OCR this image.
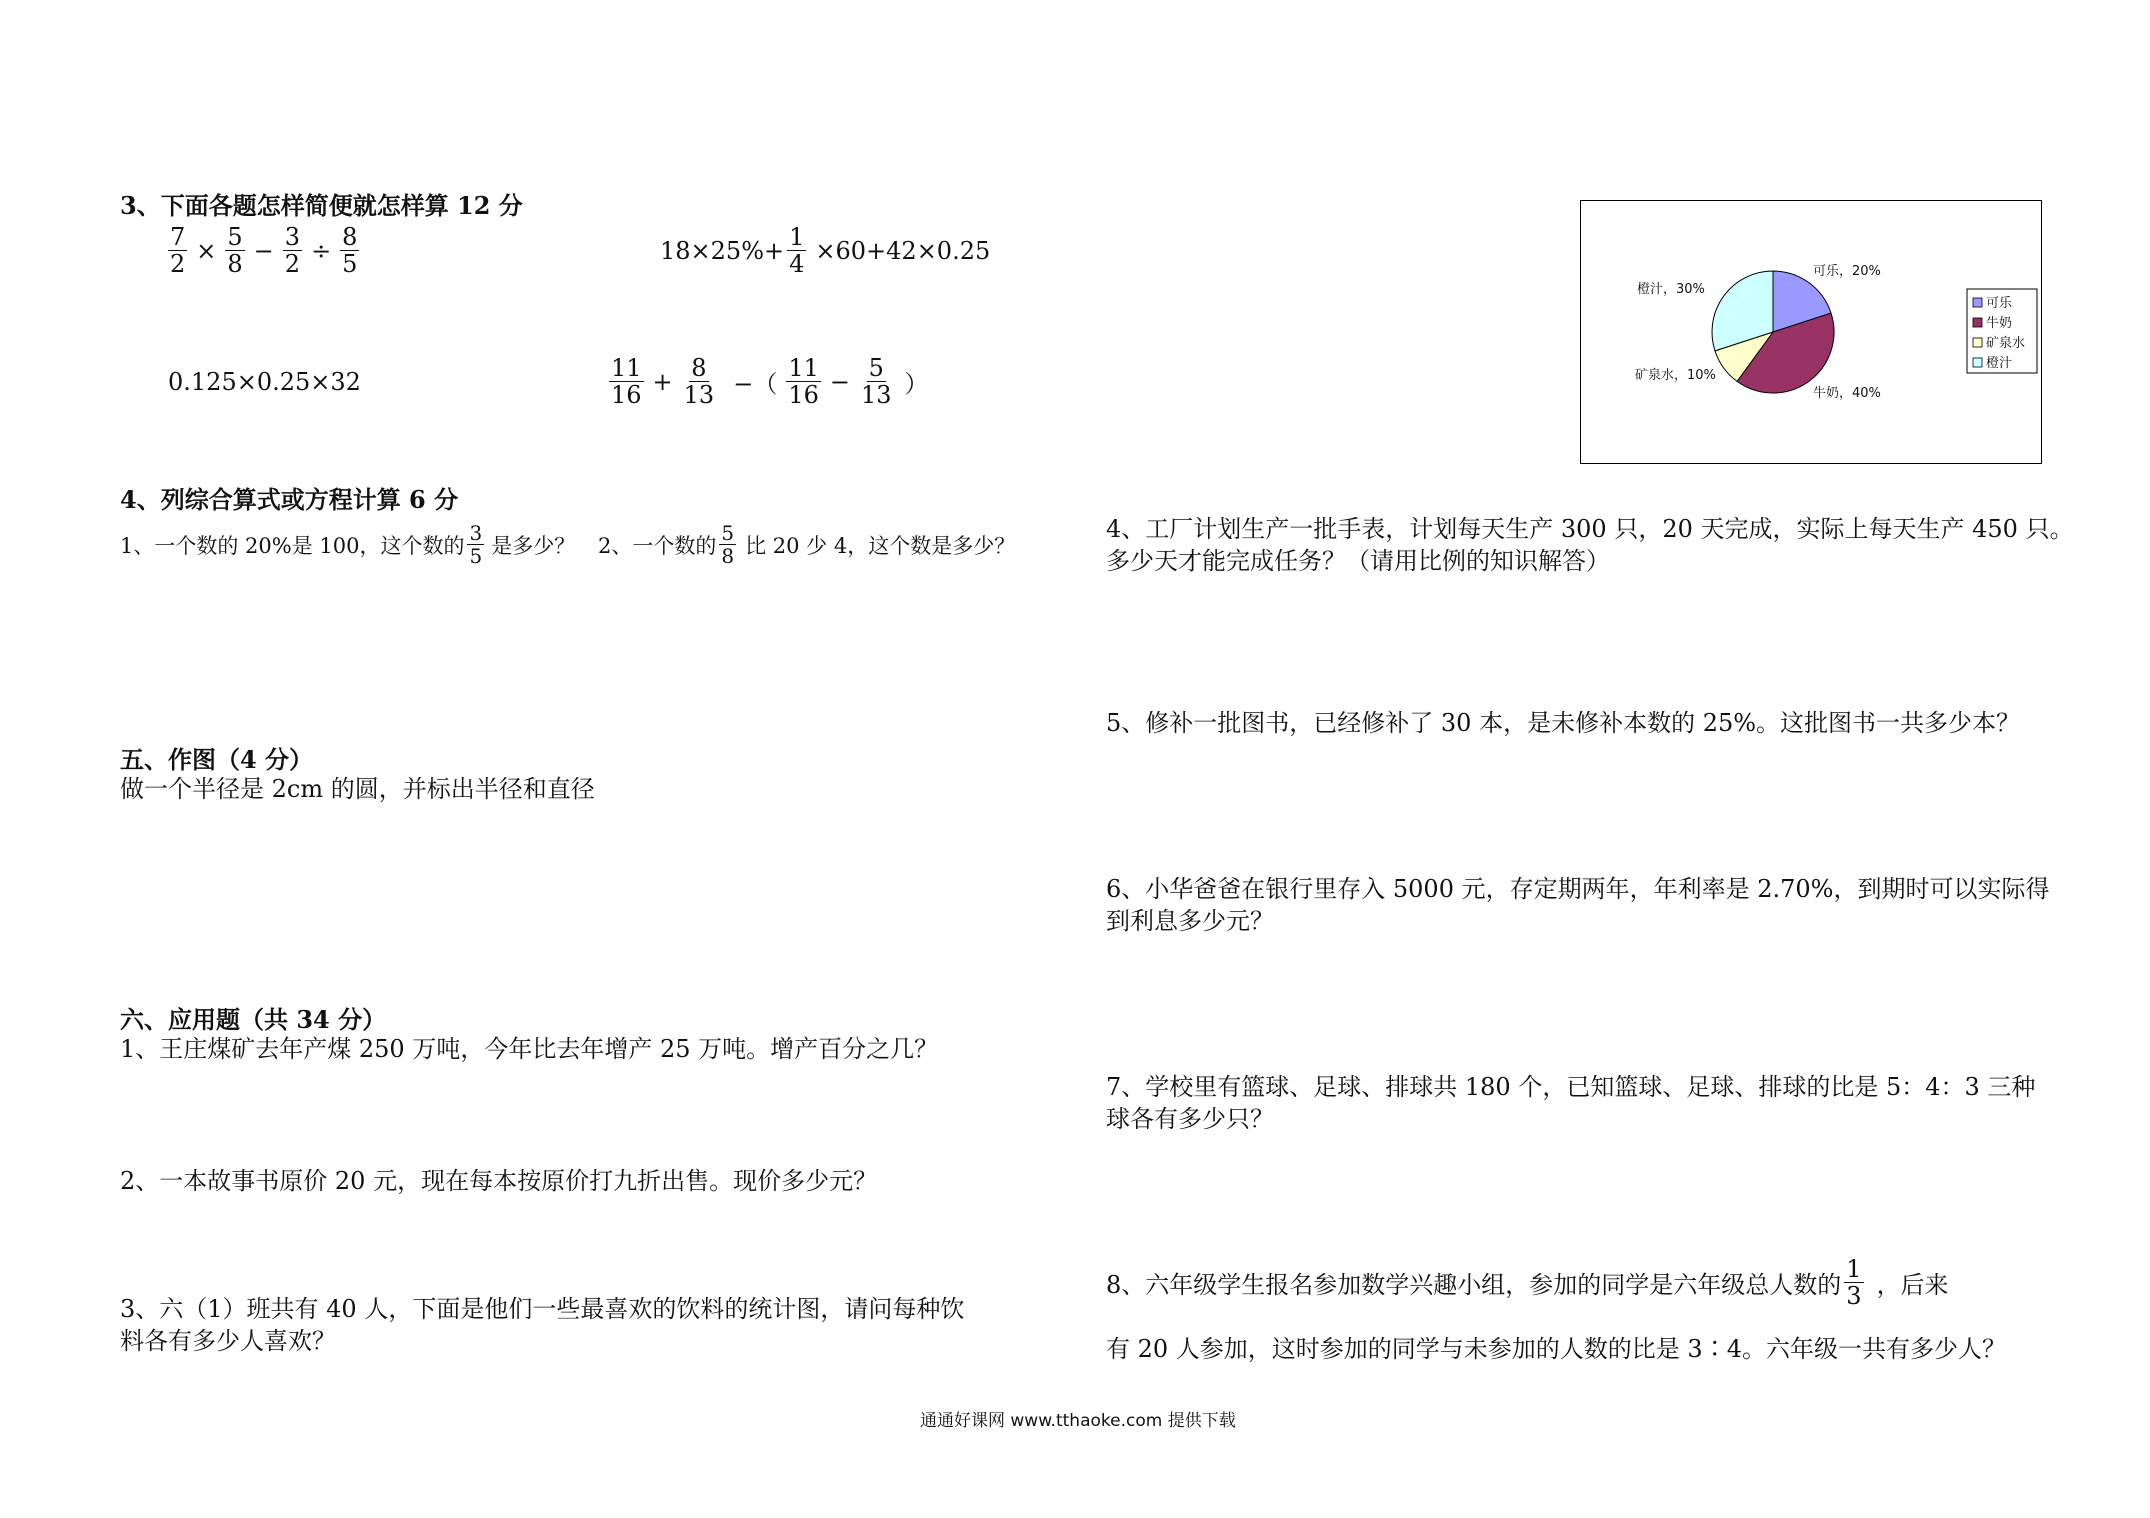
3、下面各题怎样简便就怎样算 12 分
$\frac{7}{2} \times \frac{5}{8} - \frac{3}{2} \div \frac{8}{5}$	$18\times 25\%+ \frac{1}{4} \times 60+42\times 0.25$
0.125×0.25×32	$\frac{11}{16} + \frac{8}{13}$ −（ $\frac{11}{16} - \frac{5}{13}$ ）
4、列综合算式或方程计算 6 分
1、一个数的 20%是 100，这个数的 $\frac{3}{5}$ 是多少？ 2、一个数的 $\frac{5}{8}$ 比 20 少 4，这个数是多少？
五、作图（4 分）
做一个半径是 2cm 的圆，并标出半径和直径
六、应用题（共 34 分）
1、王庄煤矿去年产煤 250 万吨，今年比去年增产 25 万吨。增产百分之几？
2、一本故事书原价 20 元，现在每本按原价打九折出售。现价多少元？
3、六（1）班共有 40 人，下面是他们一些最喜欢的饮料的统计图，请问每种饮
料各有多少人喜欢？
可乐，20%
牛奶，40%
矿泉水，10%
橙汁，30%
可乐
牛奶
矿泉水
橙汁
4、工厂计划生产一批手表，计划每天生产 300 只，20 天完成，实际上每天生产 450 只。
多少天才能完成任务？（请用比例的知识解答）
5、修补一批图书，已经修补了 30 本，是未修补本数的 25%。这批图书一共多少本？
6、小华爸爸在银行里存入 5000 元，存定期两年，年利率是 2.70%，到期时可以实际得
到利息多少元？
7、学校里有篮球、足球、排球共 180 个，已知篮球、足球、排球的比是 5：4：3 三种
球各有多少只？
8、六年级学生报名参加数学兴趣小组，参加的同学是六年级总人数的 $\frac{1}{3}$ ，后来
有 20 人参加，这时参加的同学与未参加的人数的比是 3∶4。六年级一共有多少人？
通通好课网 www.tthaoke.com 提供下载
